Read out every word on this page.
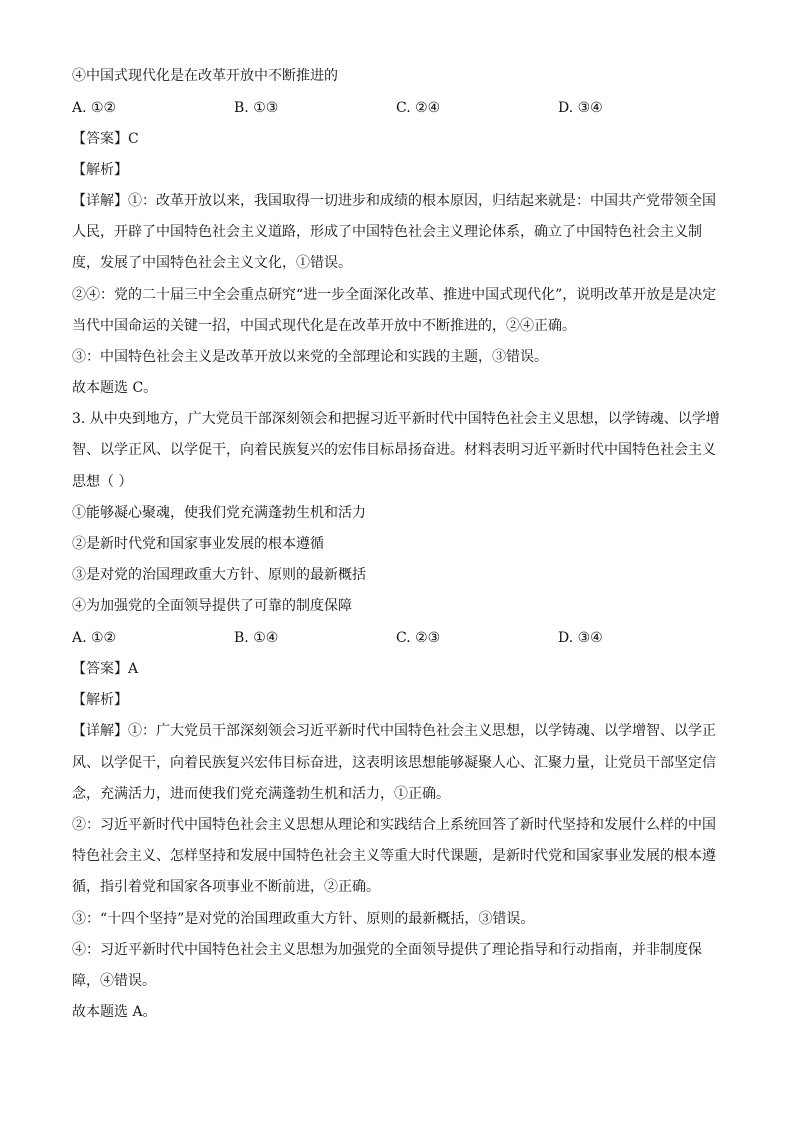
④中国式现代化是在改革开放中不断推进的
A. ①②	B. ①③	C. ②④	D. ③④
【答案】C
【解析】
【详解】①：改革开放以来，我国取得一切进步和成绩的根本原因，归结起来就是：中国共产党带领全国
人民，开辟了中国特色社会主义道路，形成了中国特色社会主义理论体系，确立了中国特色社会主义制
度，发展了中国特色社会主义文化，①错误。
②④：党的二十届三中全会重点研究“进一步全面深化改革、推进中国式现代化”，说明改革开放是是决定
当代中国命运的关键一招，中国式现代化是在改革开放中不断推进的，②④正确。
③：中国特色社会主义是改革开放以来党的全部理论和实践的主题，③错误。
故本题选 C。
3. 从中央到地方，广大党员干部深刻领会和把握习近平新时代中国特色社会主义思想，以学铸魂、以学增
智、以学正风、以学促干，向着民族复兴的宏伟目标昂扬奋进。材料表明习近平新时代中国特色社会主义
思想（ ）
①能够凝心聚魂，使我们党充满蓬勃生机和活力
②是新时代党和国家事业发展的根本遵循
③是对党的治国理政重大方针、原则的最新概括
④为加强党的全面领导提供了可靠的制度保障
A. ①②	B. ①④	C. ②③	D. ③④
【答案】A
【解析】
【详解】①：广大党员干部深刻领会习近平新时代中国特色社会主义思想，以学铸魂、以学增智、以学正
风、以学促干，向着民族复兴宏伟目标奋进，这表明该思想能够凝聚人心、汇聚力量，让党员干部坚定信
念，充满活力，进而使我们党充满蓬勃生机和活力，①正确。
②：习近平新时代中国特色社会主义思想从理论和实践结合上系统回答了新时代坚持和发展什么样的中国
特色社会主义、怎样坚持和发展中国特色社会主义等重大时代课题，是新时代党和国家事业发展的根本遵
循，指引着党和国家各项事业不断前进，②正确。
③：“十四个坚持”是对党的治国理政重大方针、原则的最新概括，③错误。
④：习近平新时代中国特色社会主义思想为加强党的全面领导提供了理论指导和行动指南，并非制度保
障，④错误。
故本题选 A。
